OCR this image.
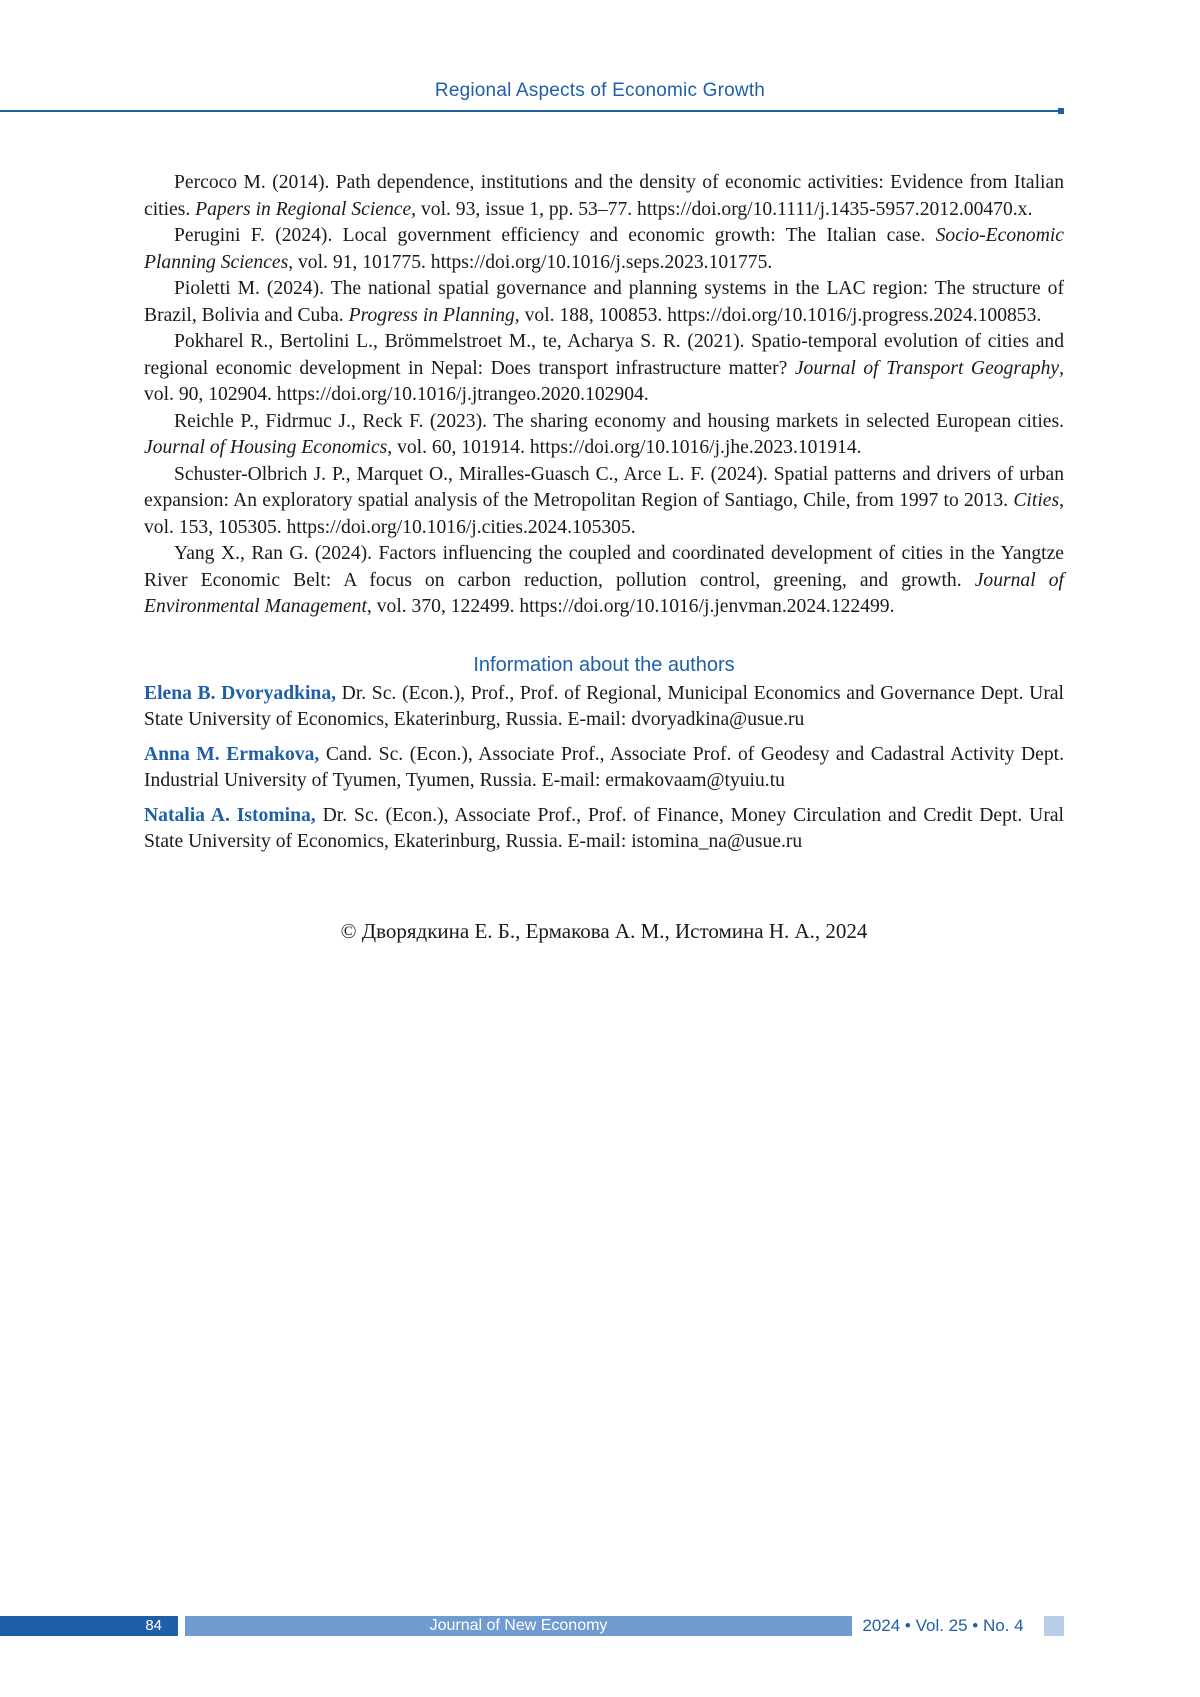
Regional Aspects of Economic Growth

Percoco M. (2014). Path dependence, institutions and the density of economic activities: Evidence from Italian cities. Papers in Regional Science, vol. 93, issue 1, pp. 53–77. https://doi.org/10.1111/j.1435-5957.2012.00470.x.

Perugini F. (2024). Local government efficiency and economic growth: The Italian case. Socio-Economic Planning Sciences, vol. 91, 101775. https://doi.org/10.1016/j.seps.2023.101775.

Pioletti M. (2024). The national spatial governance and planning systems in the LAC region: The structure of Brazil, Bolivia and Cuba. Progress in Planning, vol. 188, 100853. https://doi.org/10.1016/j.progress.2024.100853.

Pokharel R., Bertolini L., Brömmelstroet M., te, Acharya S. R. (2021). Spatio-temporal evolution of cities and regional economic development in Nepal: Does transport infrastructure matter? Journal of Transport Geography, vol. 90, 102904. https://doi.org/10.1016/j.jtrangeo.2020.102904.

Reichle P., Fidrmuc J., Reck F. (2023). The sharing economy and housing markets in selected European cities. Journal of Housing Economics, vol. 60, 101914. https://doi.org/10.1016/j.jhe.2023.101914.

Schuster-Olbrich J. P., Marquet O., Miralles-Guasch C., Arce L. F. (2024). Spatial patterns and drivers of urban expansion: An exploratory spatial analysis of the Metropolitan Region of Santiago, Chile, from 1997 to 2013. Cities, vol. 153, 105305. https://doi.org/10.1016/j.cities.2024.105305.

Yang X., Ran G. (2024). Factors influencing the coupled and coordinated development of cities in the Yangtze River Economic Belt: A focus on carbon reduction, pollution control, greening, and growth. Journal of Environmental Management, vol. 370, 122499. https://doi.org/10.1016/j.jenvman.2024.122499.

Information about the authors

Elena B. Dvoryadkina, Dr. Sc. (Econ.), Prof., Prof. of Regional, Municipal Economics and Governance Dept. Ural State University of Economics, Ekaterinburg, Russia. E-mail: dvoryadkina@usue.ru

Anna M. Ermakova, Cand. Sc. (Econ.), Associate Prof., Associate Prof. of Geodesy and Cadastral Activity Dept. Industrial University of Tyumen, Tyumen, Russia. E-mail: ermakovaam@tyuiu.tu

Natalia A. Istomina, Dr. Sc. (Econ.), Associate Prof., Prof. of Finance, Money Circulation and Credit Dept. Ural State University of Economics, Ekaterinburg, Russia. E-mail: istomina_na@usue.ru

© Дворядкина Е. Б., Ермакова А. М., Истомина Н. А., 2024
84	Journal of New Economy	2024 • Vol. 25 • No. 4
